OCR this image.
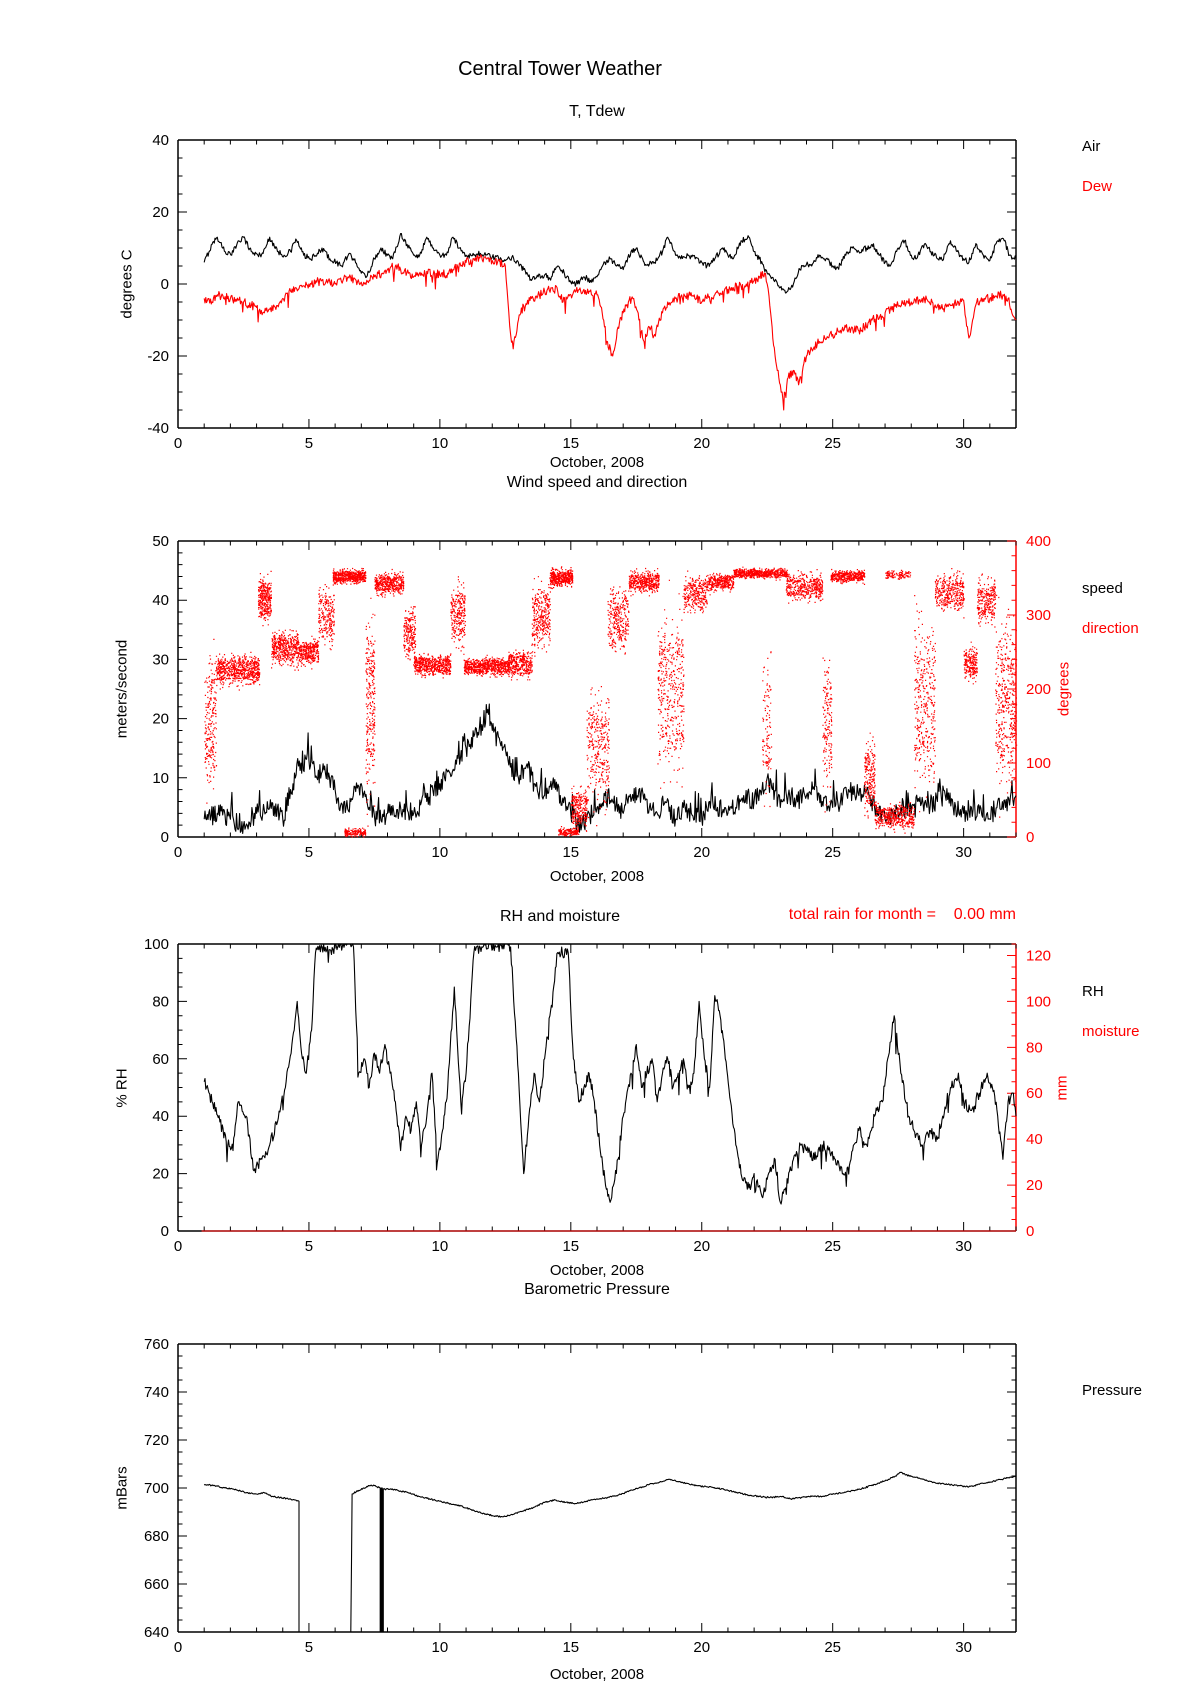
-40
-20
0
20
40
0	5	10	15	20	25	30
0
10
20
30
40
50
0
100
200
300
400
0	5	10	15	20	25	30
0
20
40
60
80
100
0
20
40
60
80
100
120
0	5	10	15	20	25	30
640
660
680
700
720
740
760
0	5	10	15	20	25	30
Central Tower Weather
T, Tdew
degrees C
October, 2008
Air
Dew
Wind speed and direction
meters/second	degrees
October, 2008
speed
direction
RH and moisture	total rain for month =    0.00 mm
% RH	mm
October, 2008
RH
moisture
Barometric Pressure
mBars
October, 2008
Pressure
